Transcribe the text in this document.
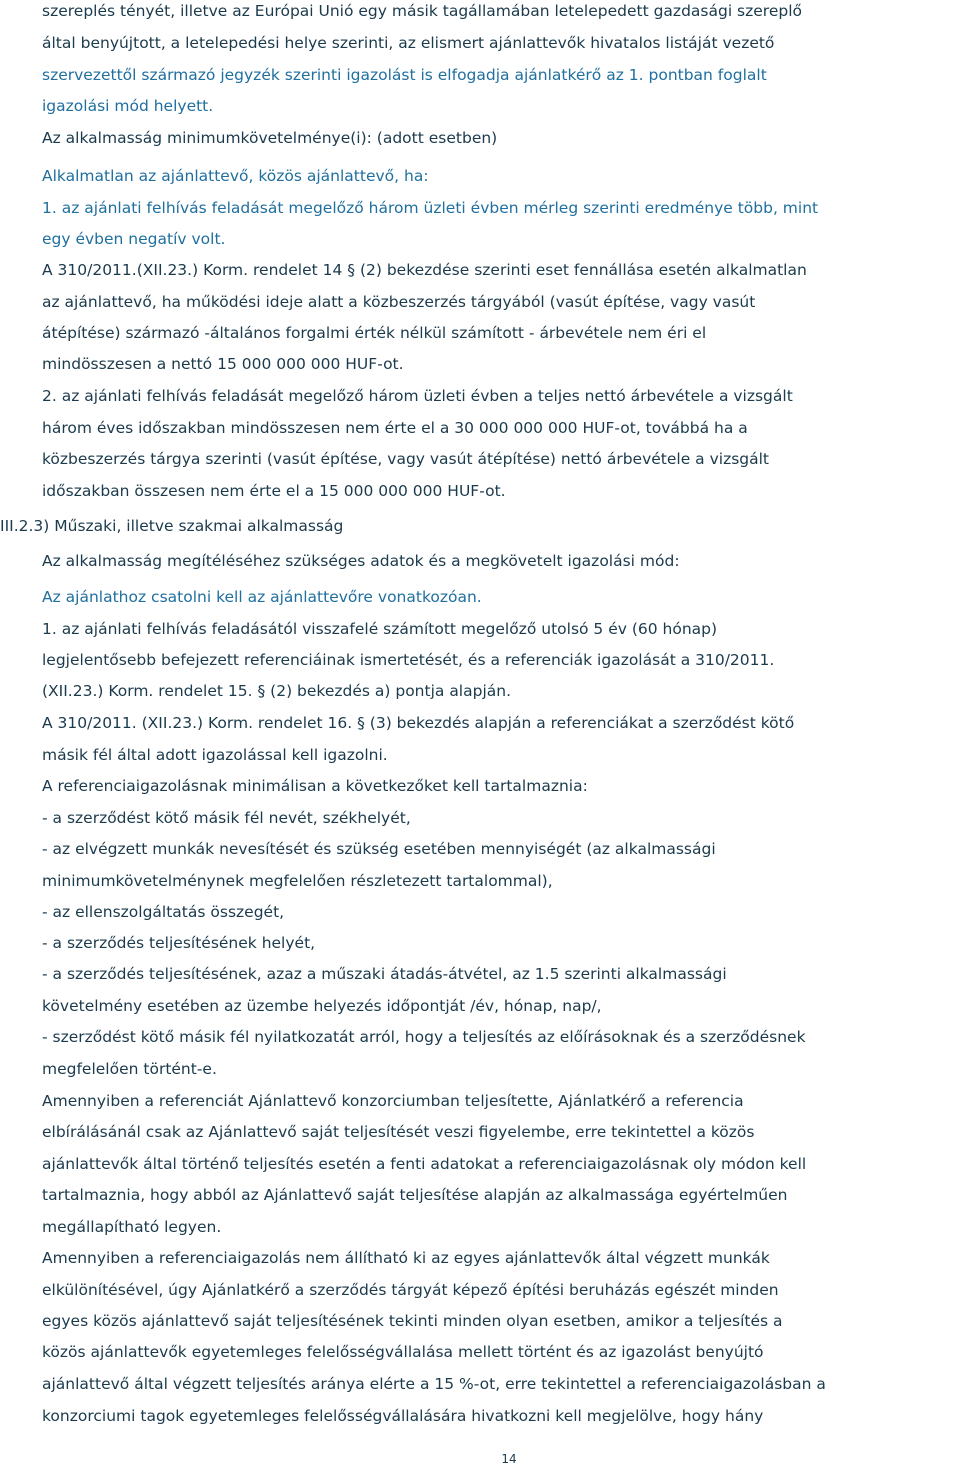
szereplés tényét, illetve az Európai Unió egy másik tagállamában letelepedett gazdasági szereplő
által benyújtott, a letelepedési helye szerinti, az elismert ajánlattevők hivatalos listáját vezető
szervezettől származó jegyzék szerinti igazolást is elfogadja ajánlatkérő az 1. pontban foglalt
igazolási mód helyett.
Az alkalmasság minimumkövetelménye(i): (adott esetben)
Alkalmatlan az ajánlattevő, közös ajánlattevő, ha:
1. az ajánlati felhívás feladását megelőző három üzleti évben mérleg szerinti eredménye több, mint
egy évben negatív volt.
A 310/2011.(XII.23.) Korm. rendelet 14 § (2) bekezdése szerinti eset fennállása esetén alkalmatlan
az ajánlattevő, ha működési ideje alatt a közbeszerzés tárgyából (vasút építése, vagy vasút
átépítése) származó -általános forgalmi érték nélkül számított - árbevétele nem éri el
mindösszesen a nettó 15 000 000 000 HUF-ot.
2. az ajánlati felhívás feladását megelőző három üzleti évben a teljes nettó árbevétele a vizsgált
három éves időszakban mindösszesen nem érte el a 30 000 000 000 HUF-ot, továbbá ha a
közbeszerzés tárgya szerinti (vasút építése, vagy vasút átépítése) nettó árbevétele a vizsgált
időszakban összesen nem érte el a 15 000 000 000 HUF-ot.
III.2.3) Műszaki, illetve szakmai alkalmasság
Az alkalmasság megítéléséhez szükséges adatok és a megkövetelt igazolási mód:
Az ajánlathoz csatolni kell az ajánlattevőre vonatkozóan.
1. az ajánlati felhívás feladásától visszafelé számított megelőző utolsó 5 év (60 hónap)
legjelentősebb befejezett referenciáinak ismertetését, és a referenciák igazolását a 310/2011.
(XII.23.) Korm. rendelet 15. § (2) bekezdés a) pontja alapján.
A 310/2011. (XII.23.) Korm. rendelet 16. § (3) bekezdés alapján a referenciákat a szerződést kötő
másik fél által adott igazolással kell igazolni.
A referenciaigazolásnak minimálisan a következőket kell tartalmaznia:
- a szerződést kötő másik fél nevét, székhelyét,
- az elvégzett munkák nevesítését és szükség esetében mennyiségét (az alkalmassági
minimumkövetelménynek megfelelően részletezett tartalommal),
- az ellenszolgáltatás összegét,
- a szerződés teljesítésének helyét,
- a szerződés teljesítésének, azaz a műszaki átadás-átvétel, az 1.5 szerinti alkalmassági
követelmény esetében az üzembe helyezés időpontját /év, hónap, nap/,
- szerződést kötő másik fél nyilatkozatát arról, hogy a teljesítés az előírásoknak és a szerződésnek
megfelelően történt-e.
Amennyiben a referenciát Ajánlattevő konzorciumban teljesítette, Ajánlatkérő a referencia
elbírálásánál csak az Ajánlattevő saját teljesítését veszi figyelembe, erre tekintettel a közös
ajánlattevők által történő teljesítés esetén a fenti adatokat a referenciaigazolásnak oly módon kell
tartalmaznia, hogy abból az Ajánlattevő saját teljesítése alapján az alkalmassága egyértelműen
megállapítható legyen.
Amennyiben a referenciaigazolás nem állítható ki az egyes ajánlattevők által végzett munkák
elkülönítésével, úgy Ajánlatkérő a szerződés tárgyát képező építési beruházás egészét minden
egyes közös ajánlattevő saját teljesítésének tekinti minden olyan esetben, amikor a teljesítés a
közös ajánlattevők egyetemleges felelősségvállalása mellett történt és az igazolást benyújtó
ajánlattevő által végzett teljesítés aránya elérte a 15 %-ot, erre tekintettel a referenciaigazolásban a
konzorciumi tagok egyetemleges felelősségvállalására hivatkozni kell megjelölve, hogy hány
14
